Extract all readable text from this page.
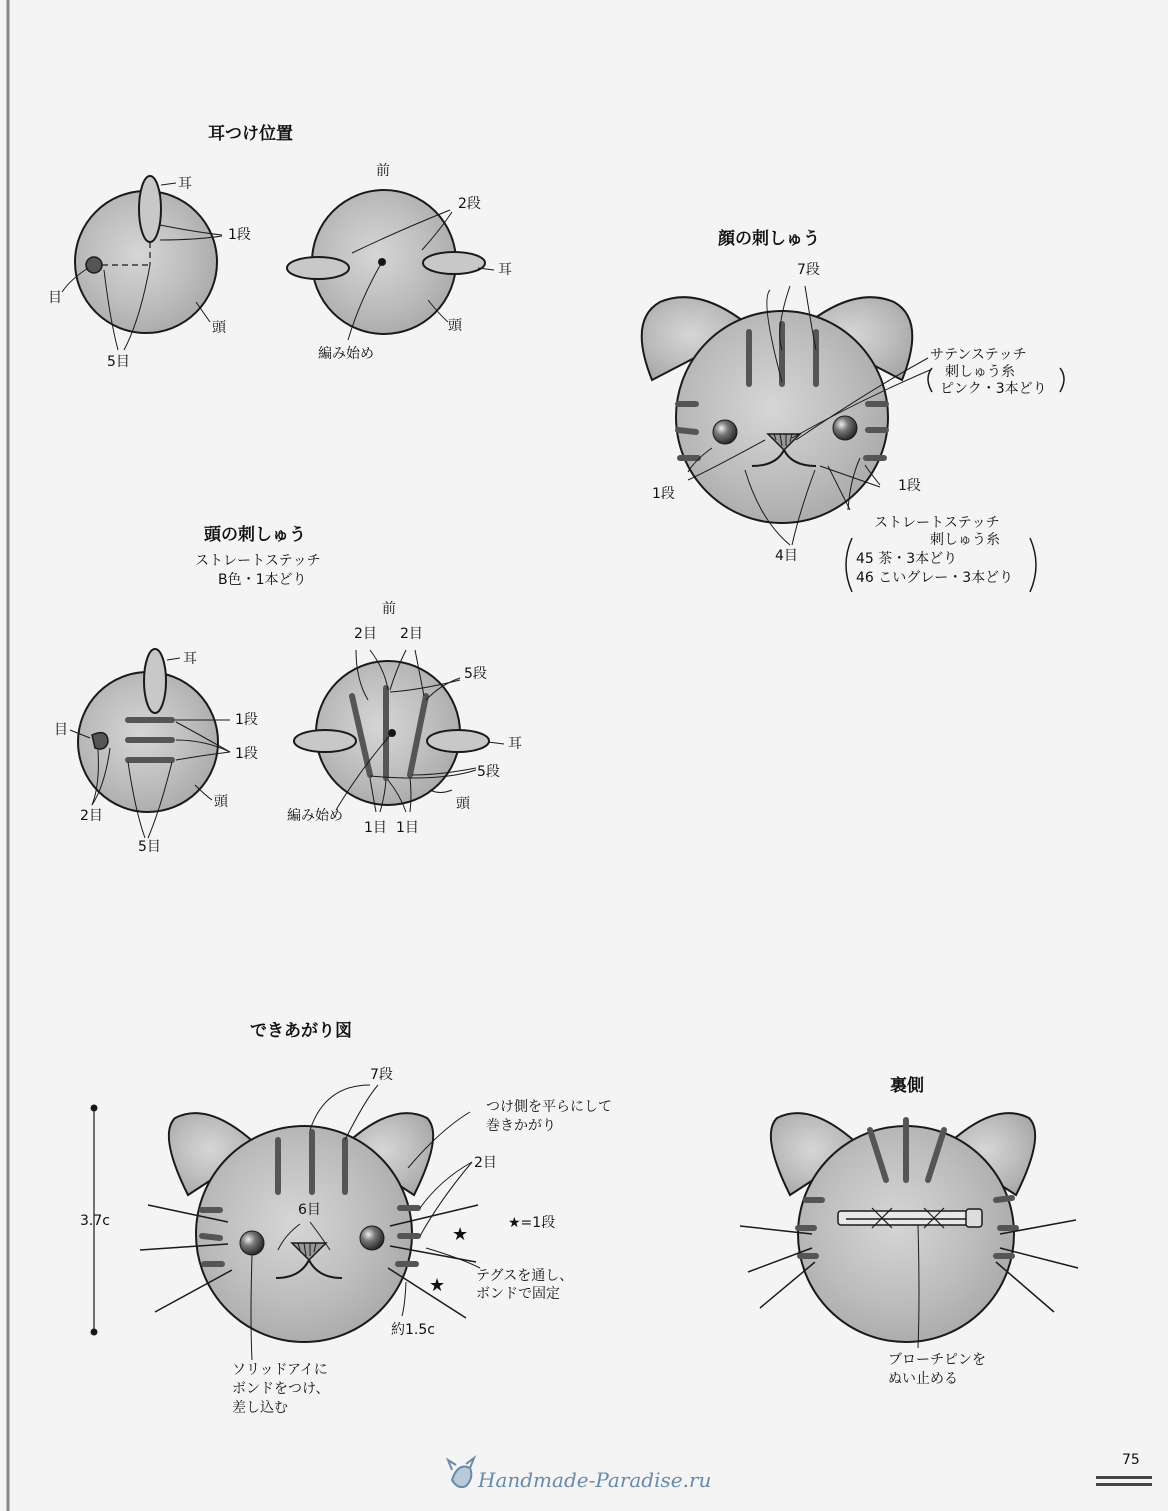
★
★
耳つけ位置
耳
1段
目
頭
5目
前
2段
耳
頭
編み始め
顔の刺しゅう
7段
サテンステッチ
刺しゅう糸
ピンク・3本どり
1段	1段
ストレートステッチ
刺しゅう糸
45 茶・3本どり
46 こいグレー・3本どり
4目
頭の刺しゅう
ストレートステッチ
B色・1本どり
耳
目
1段
1段
頭
2目
5目
前
2目 2目
5段
耳
5段
頭
編み始め
1目 1目
できあがり図
7段
つけ側を平らにして
巻きかがり
2目
6目
★=1段
3.7c
テグスを通し、
ボンドで固定
約1.5c
ソリッドアイに
ボンドをつけ、
差し込む
裏側
ブローチピンを
ぬい止める
75
Handmade-Paradise.ru
